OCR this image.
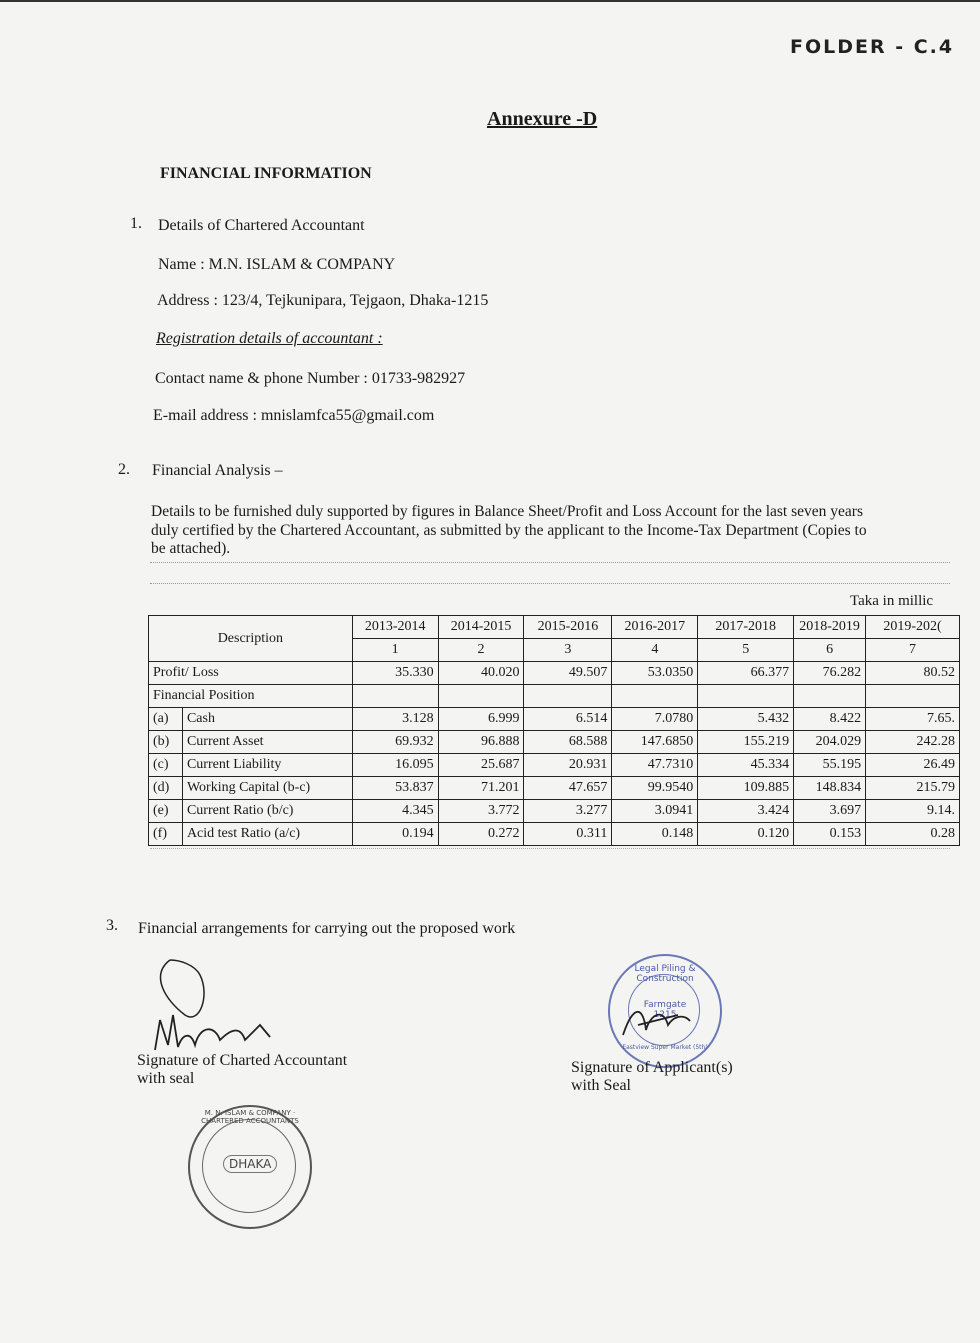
FOLDER - C.4
Annexure -D
FINANCIAL INFORMATION
1. Details of Chartered Accountant
Name : M.N. ISLAM & COMPANY
Address : 123/4, Tejkunipara, Tejgaon, Dhaka-1215
Registration details of accountant :
Contact name & phone Number : 01733-982927
E-mail address : mnislamfca55@gmail.com
2. Financial Analysis –
Details to be furnished duly supported by figures in Balance Sheet/Profit and Loss Account for the last seven years
duly certified by the Chartered Accountant, as submitted by the applicant to the Income-Tax Department (Copies to
be attached).
Taka in millic
Description		2013-2014	2014-2015	2015-2016	2016-2017	2017-2018	2018-2019	2019-202(
		1	2	3	4	5	6	7
Profit/ Loss		35.330	40.020	49.507	53.0350	66.377	76.282	80.52
Financial Position								
(a)	Cash	3.128	6.999	6.514	7.0780	5.432	8.422	7.65.
(b)	Current Asset	69.932	96.888	68.588	147.6850	155.219	204.029	242.28
(c)	Current Liability	16.095	25.687	20.931	47.7310	45.334	55.195	26.49
(d)	Working Capital (b-c)	53.837	71.201	47.657	99.9540	109.885	148.834	215.79
(e)	Current Ratio (b/c)	4.345	3.772	3.277	3.0941	3.424	3.697	9.14.
(f)	Acid test Ratio (a/c)	0.194	0.272	0.311	0.148	0.120	0.153	0.28
3. Financial arrangements for carrying out the proposed work
Signature of Charted Accountant
with seal
DHAKA
M. N. ISLAM & COMPANY · CHARTERED ACCOUNTANTS
Legal Piling & Construction
Farmgate 1215
Eastview Super Market (5th)
Signature of Applicant(s)
with Seal
